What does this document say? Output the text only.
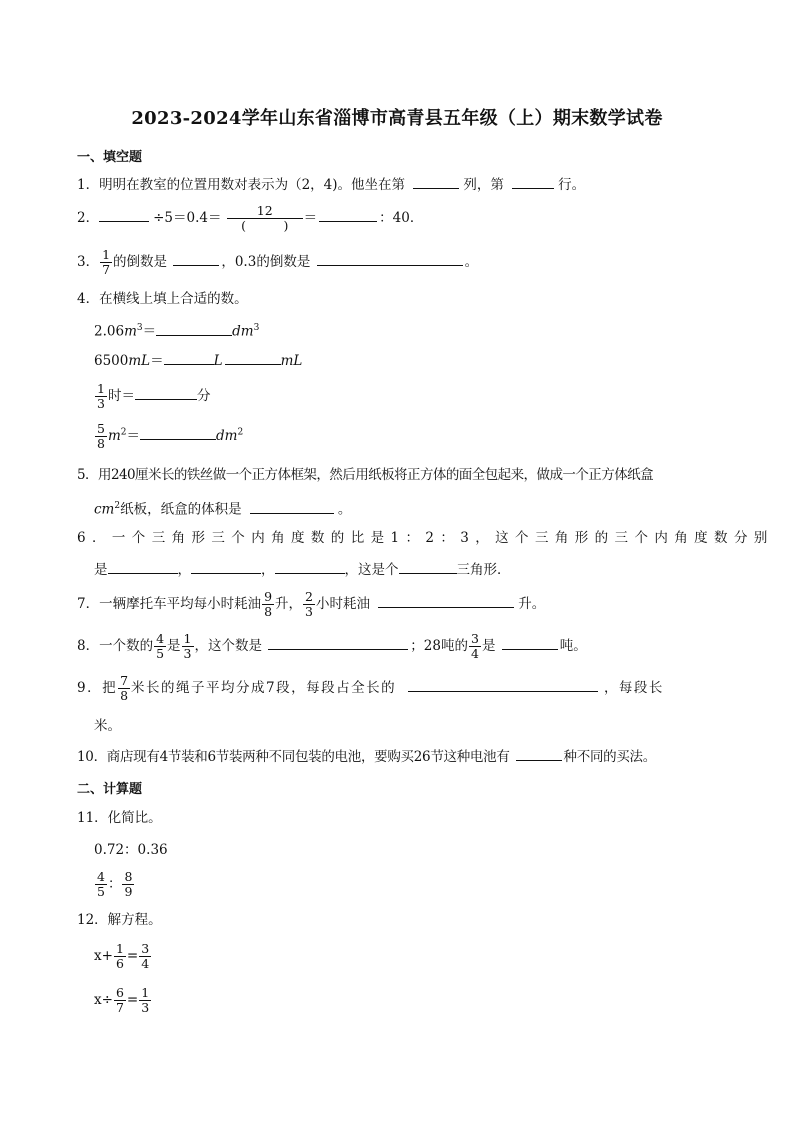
2023-2024学年山东省淄博市高青县五年级（上）期末数学试卷
一、填空题
1．明明在教室的位置用数对表示为（2，4)。他坐在第	列，第	行。
2．	$\div 5=0.4= \frac{12}{( )}$ ＝	：40．
3． $\frac{1}{7}$ 的倒数是	，0.3的倒数是	。
4．在横线上填上合适的数。
$2.06m^3=$	$dm^3$
6500mL＝	L	mL
$\frac{1}{3}$ 时＝	分
$\frac{5}{8} m^2=$	$dm^2$
5．用240厘米长的铁丝做一个正方体框架，然后用纸板将正方体的面全包起来，做成一个正方体纸盒
$cm^2$纸板，纸盒的体积是	。
6．一个三角形三个内角度数的比是1：2：3，这个三角形的三个内角度数分别
是	，	，	，这是个	三角形．
7．一辆摩托车平均每小时耗油 $\frac{9}{8}$ 升， $\frac{2}{3}$ 小时耗油	升。
8．一个数的 $\frac{4}{5}$ 是 $\frac{1}{3}$ ，这个数是	；28吨的 $\frac{3}{4}$ 是	吨。
9．把 $\frac{7}{8}$ 米长的绳子平均分成7段，每段占全长的	，每段长
米。
10．商店现有4节装和6节装两种不同包装的电池，要购买26节这种电池有	种不同的买法。
二、计算题
11．化简比。
0.72：0.36
$\frac{4}{5}$ ： $\frac{8}{9}$
12．解方程。
$x+ \frac{1}{6} = \frac{3}{4}$
$x\div \frac{6}{7} = \frac{1}{3}$
